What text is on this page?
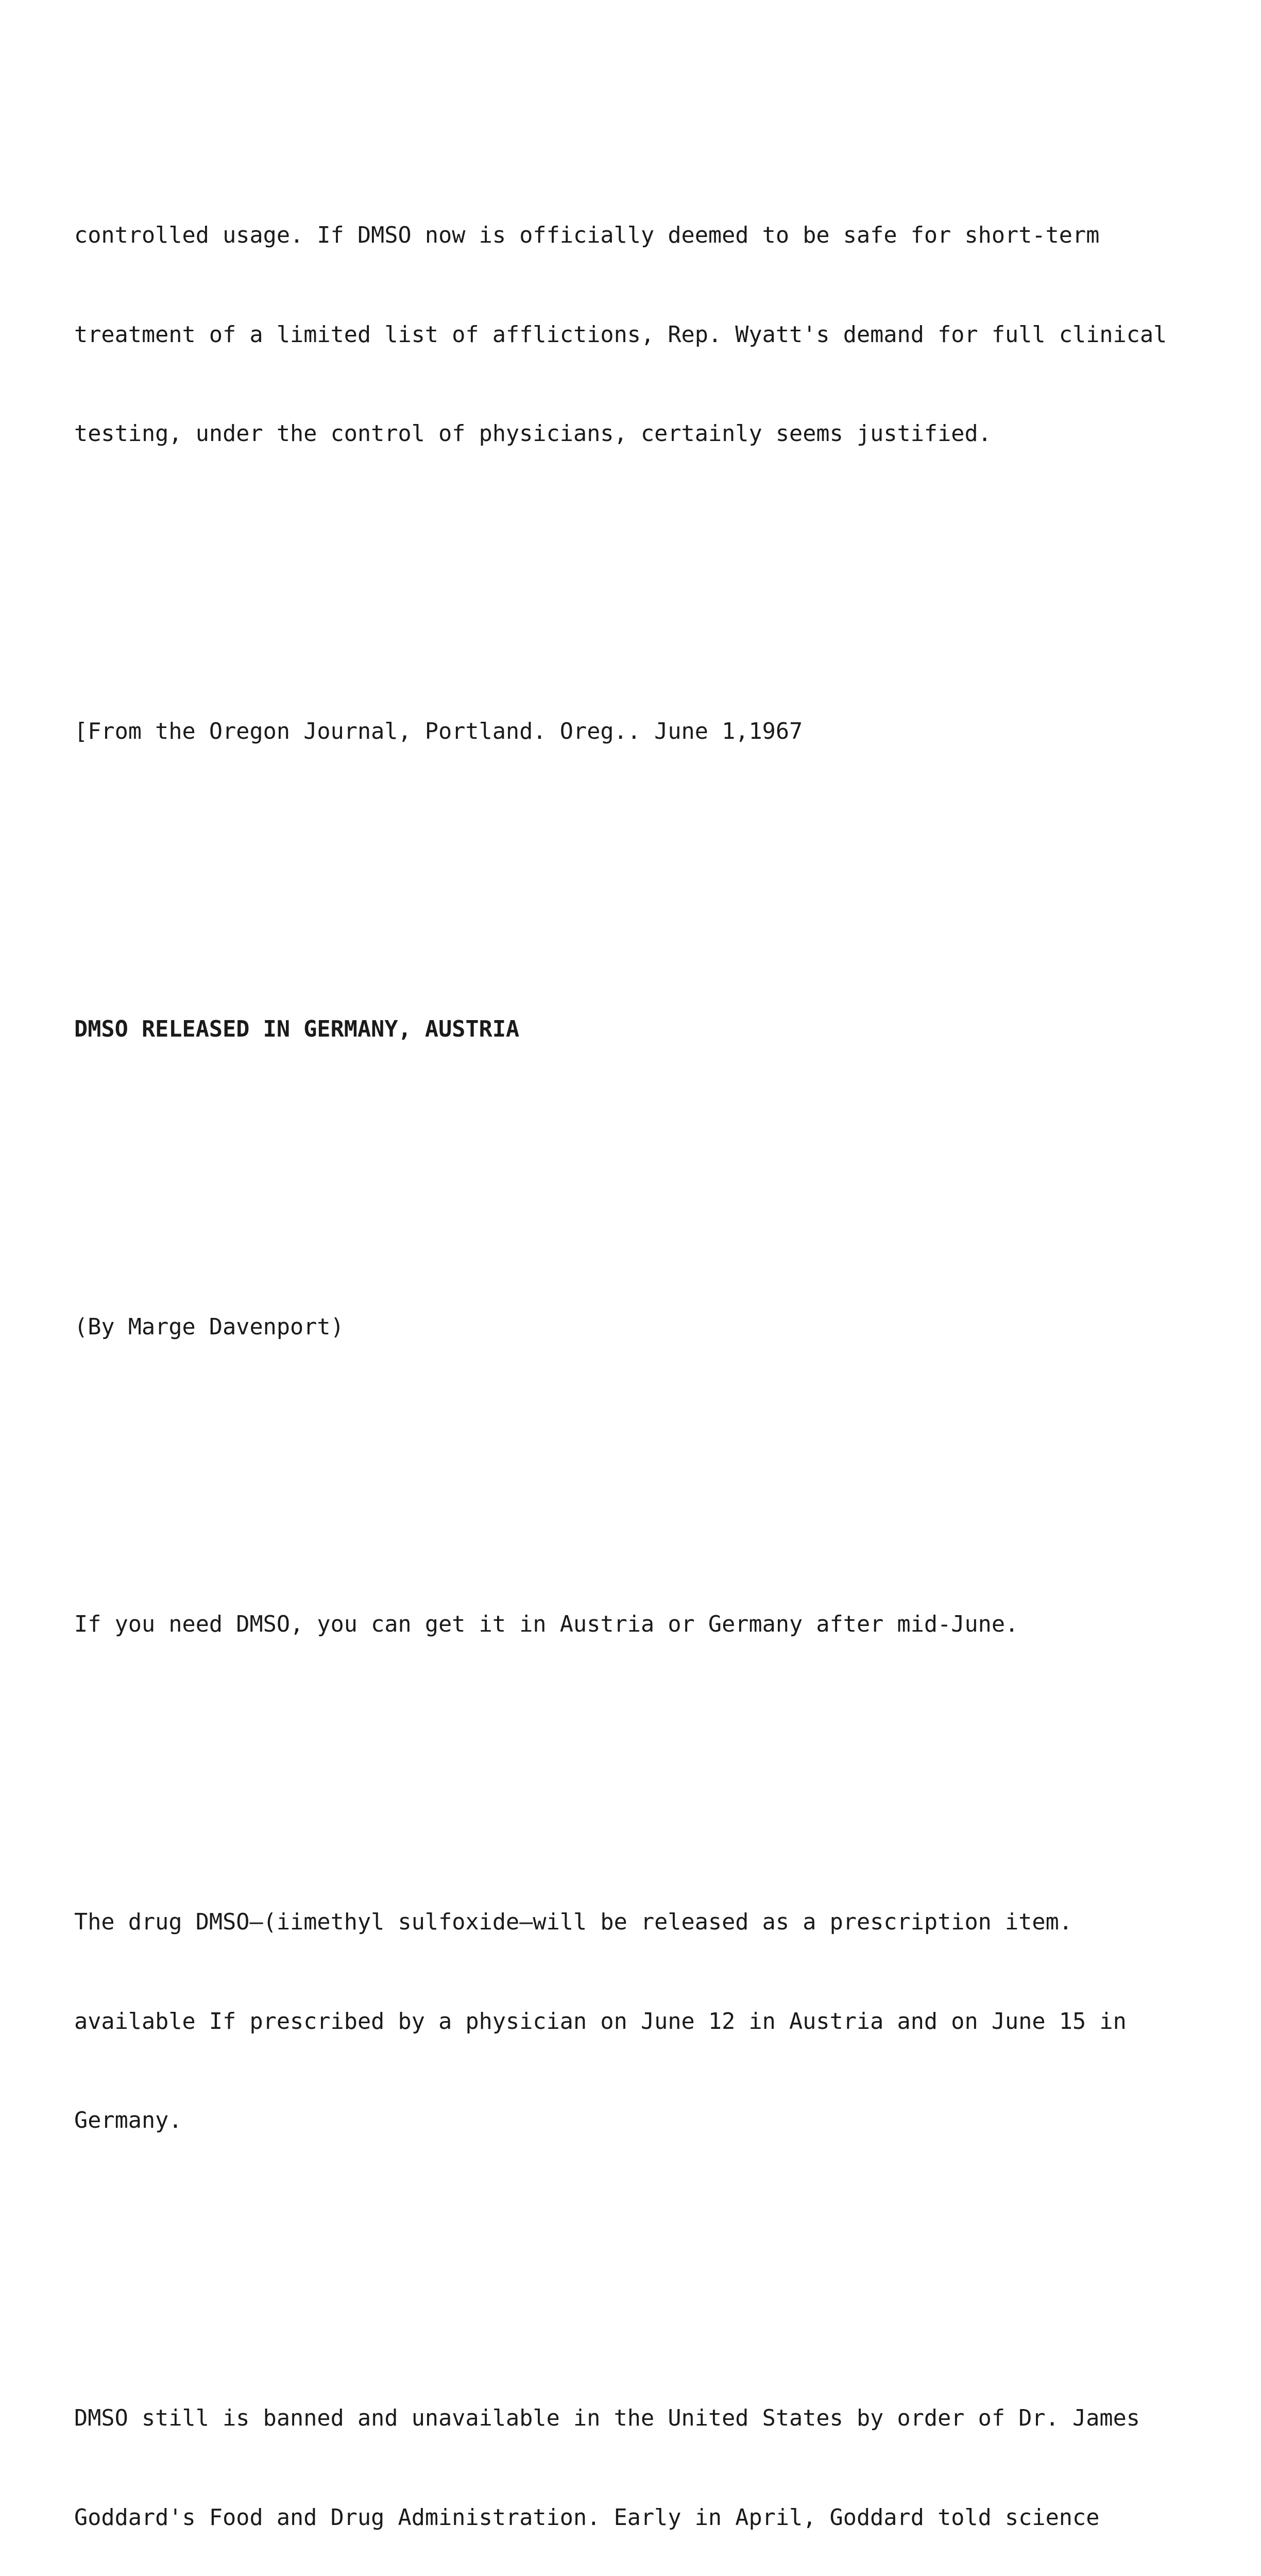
controlled usage. If DMSO now is officially deemed to be safe for short-term

treatment of a limited list of afflictions, Rep. Wyatt's demand for full clinical

testing, under the control of physicians, certainly seems justified.

[From the Oregon Journal, Portland. Oreg.. June 1,1967

DMSO RELEASED IN GERMANY, AUSTRIA

(By Marge Davenport)

If you need DMSO, you can get it in Austria or Germany after mid-June.

The drug DMSO—(iimethyl sulfoxide—will be released as a prescription item.

available If prescribed by a physician on June 12 in Austria and on June 15 in

Germany.

DMSO still is banned and unavailable in the United States by order of Dr. James

Goddard's Food and Drug Administration. Early in April, Goddard told science
